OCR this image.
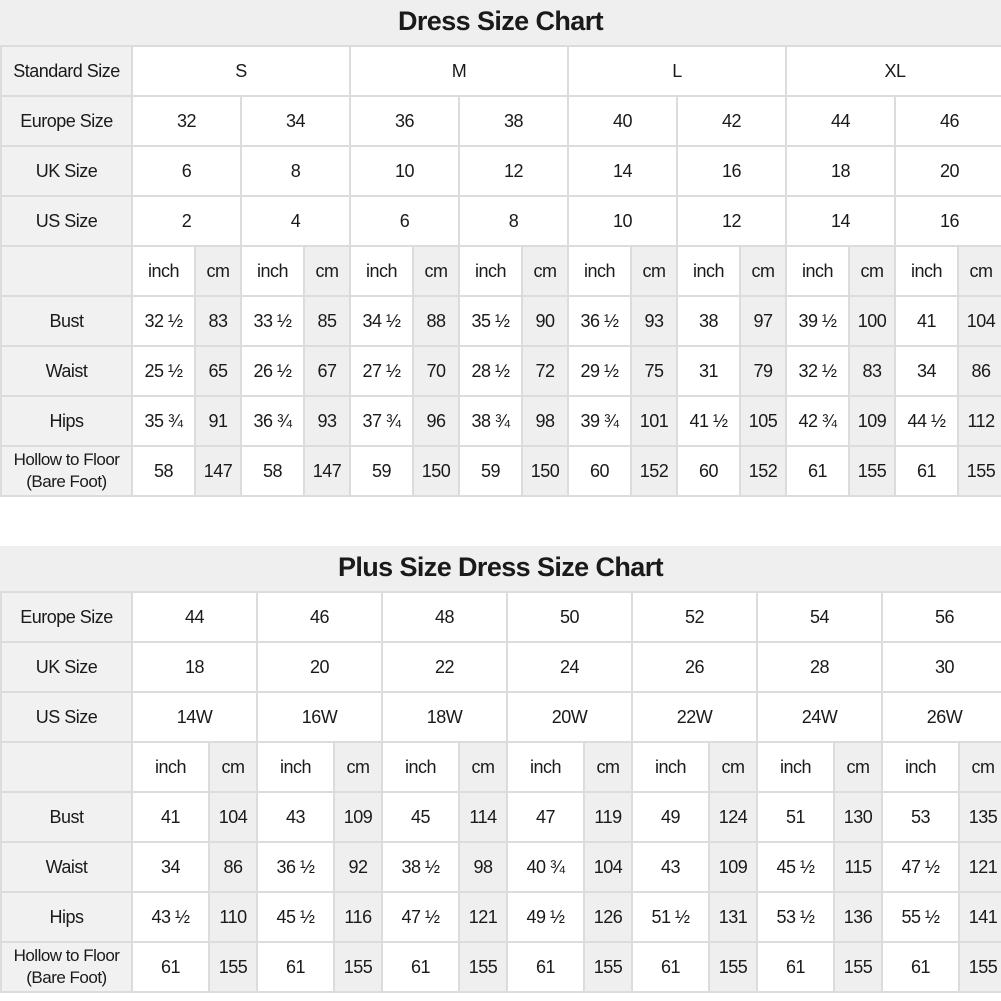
Dress Size Chart
Standard Size	S				M				L				XL			
Europe Size	32		34		36		38		40		42		44		46	
UK Size	6		8		10		12		14		16		18		20	
US Size	2		4		6		8		10		12		14		16	
	inch	cm	inch	cm	inch	cm	inch	cm	inch	cm	inch	cm	inch	cm	inch	cm
Bust	32 ½	83	33 ½	85	34 ½	88	35 ½	90	36 ½	93	38	97	39 ½	100	41	104
Waist	25 ½	65	26 ½	67	27 ½	70	28 ½	72	29 ½	75	31	79	32 ½	83	34	86
Hips	35 ¾	91	36 ¾	93	37 ¾	96	38 ¾	98	39 ¾	101	41 ½	105	42 ¾	109	44 ½	112
Hollow to Floor (Bare Foot)	58	147	58	147	59	150	59	150	60	152	60	152	61	155	61	155
Plus Size Dress Size Chart
Europe Size	44		46		48		50		52		54		56	
UK Size	18		20		22		24		26		28		30	
US Size	14W		16W		18W		20W		22W		24W		26W	
	inch	cm	inch	cm	inch	cm	inch	cm	inch	cm	inch	cm	inch	cm
Bust	41	104	43	109	45	114	47	119	49	124	51	130	53	135
Waist	34	86	36 ½	92	38 ½	98	40 ¾	104	43	109	45 ½	115	47 ½	121
Hips	43 ½	110	45 ½	116	47 ½	121	49 ½	126	51 ½	131	53 ½	136	55 ½	141
Hollow to Floor (Bare Foot)	61	155	61	155	61	155	61	155	61	155	61	155	61	155
